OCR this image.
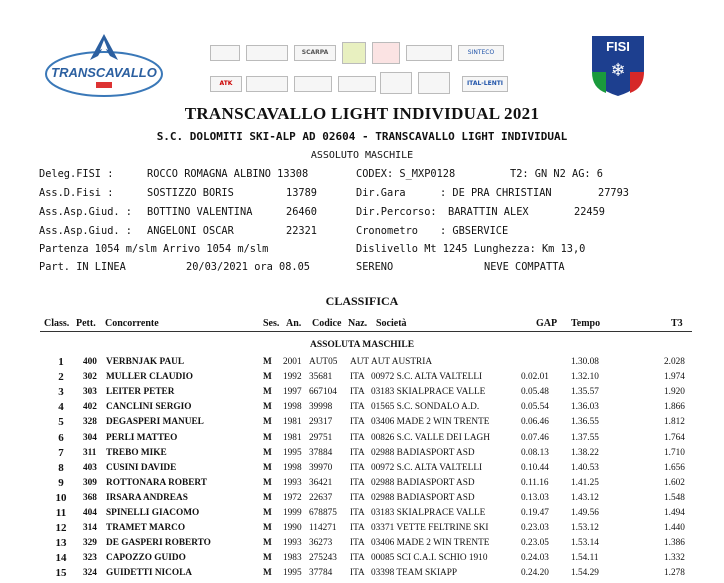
TRANSCAVALLO
SCARPA	SINTECO
ATK	ITAL-LENTI
FISI
❄
TRANSCAVALLO LIGHT INDIVIDUAL 2021
S.C. DOLOMITI SKI-ALP AD 02604 - TRANSCAVALLO LIGHT INDIVIDUAL
ASSOLUTO MASCHILE
Deleg.FISI :	ROCCO ROMAGNA ALBINO 13308	CODEX: S_MXP0128	T2: GN N2 AG: 6
Ass.D.Fisi :	SOSTIZZO BORIS	13789	Dir.Gara	: DE PRA CHRISTIAN	27793
Ass.Asp.Giud. : BOTTINO VALENTINA	26460	Dir.Percorso: BARATTIN ALEX	22459
Ass.Asp.Giud. : ANGELONI OSCAR	22321	Cronometro : GBSERVICE
Partenza 1054 m/slm Arrivo 1054 m/slm	Dislivello Mt 1245 Lunghezza: Km 13,0
Part. IN LINEA	20/03/2021 ora 08.05	SERENO	NEVE COMPATTA
CLASSIFICA
Class. Pett. Concorrente	Ses. An. Codice Naz. Società	GAP Tempo	T3
ASSOLUTA MASCHILE
1	400 VERBNJAK PAUL	M 2001 AUT05 AUT AUT AUSTRIA	1.30.08	2.028
2	302 MULLER CLAUDIO	M 1992 35681 ITA 00972 S.C. ALTA VALTELLI	0.02.01 1.32.10	1.974
3	303 LEITER PETER	M 1997 667104 ITA 03183 SKIALPRACE VALLE	0.05.48 1.35.57	1.920
4	402 CANCLINI SERGIO	M 1998 39998 ITA 01565 S.C. SONDALO A.D.	0.05.54 1.36.03	1.866
5	328 DEGASPERI MANUEL	M 1981 29317 ITA 03406 MADE 2 WIN TRENTE	0.06.46 1.36.55	1.812
6	304 PERLI MATTEO	M 1981 29751 ITA 00826 S.C. VALLE DEI LAGH	0.07.46 1.37.55	1.764
7	311 TREBO MIKE	M 1995 37884 ITA 02988 BADIASPORT ASD	0.08.13 1.38.22	1.710
8	403 CUSINI DAVIDE	M 1998 39970 ITA 00972 S.C. ALTA VALTELLI	0.10.44 1.40.53	1.656
9	309 ROTTONARA ROBERT	M 1993 36421 ITA 02988 BADIASPORT ASD	0.11.16 1.41.25	1.602
10	368 IRSARA ANDREAS	M 1972 22637 ITA 02988 BADIASPORT ASD	0.13.03 1.43.12	1.548
11	404 SPINELLI GIACOMO	M 1999 678875 ITA 03183 SKIALPRACE VALLE	0.19.47 1.49.56	1.494
12	314 TRAMET MARCO	M 1990 114271 ITA 03371 VETTE FELTRINE SKI	0.23.03 1.53.12	1.440
13	329 DE GASPERI ROBERTO	M 1993 36273 ITA 03406 MADE 2 WIN TRENTE	0.23.05 1.53.14	1.386
14	323 CAPOZZO GUIDO	M 1983 275243 ITA 00085 SCI C.A.I. SCHIO 1910	0.24.03 1.54.11	1.332
15	324 GUIDETTI NICOLA	M 1995 37784 ITA 03398 TEAM SKIAPP	0.24.20 1.54.29	1.278
